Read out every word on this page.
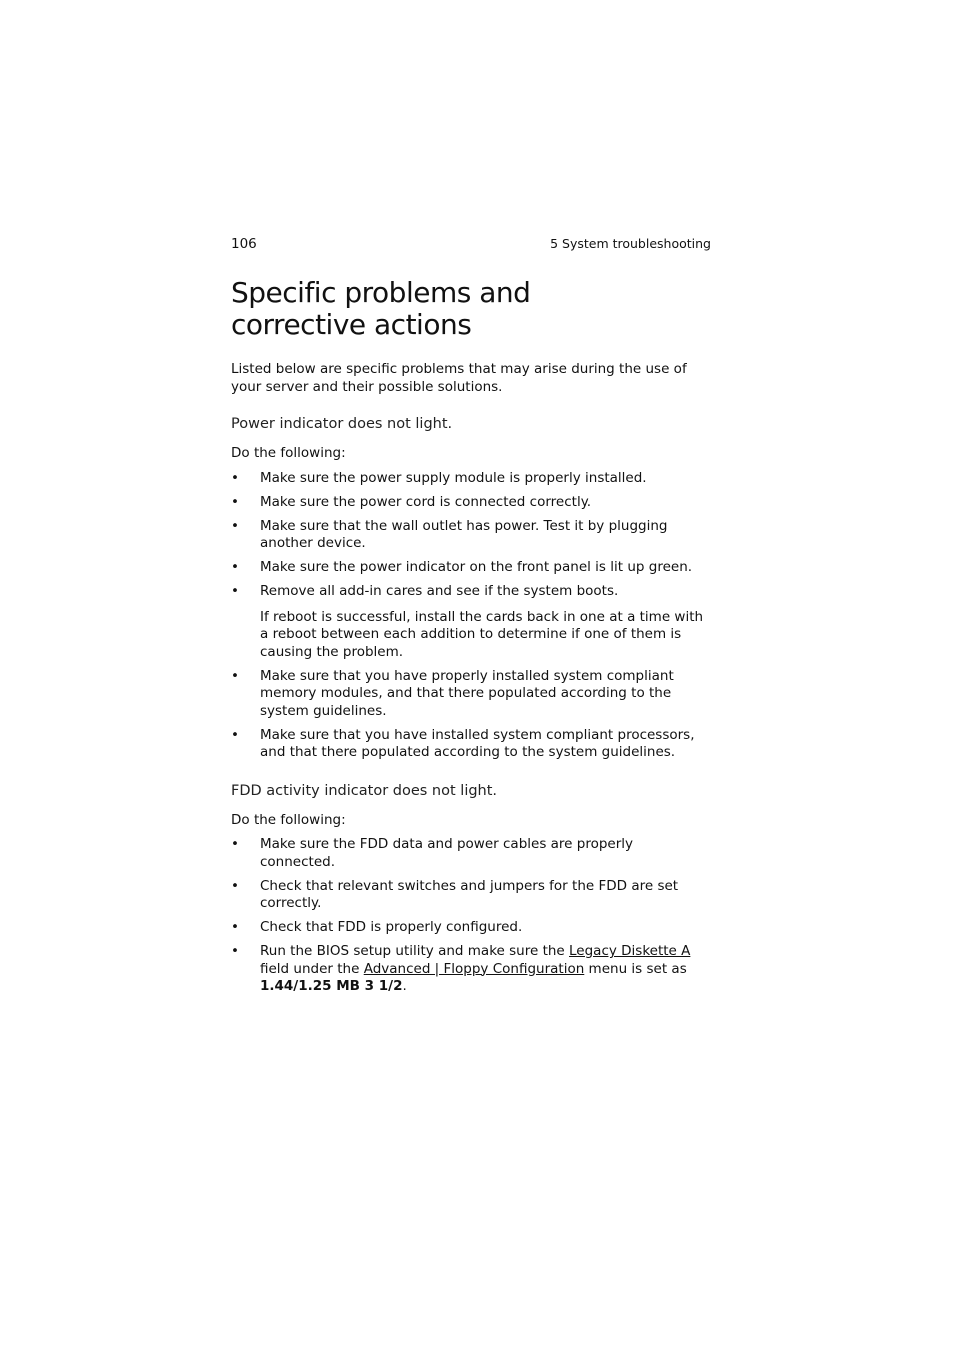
106	5 System troubleshooting
Specific problems and corrective actions

Listed below are specific problems that may arise during the use of your server and their possible solutions.

Power indicator does not light.

Do the following:

• Make sure the power supply module is properly installed.
• Make sure the power cord is connected correctly.
• Make sure that the wall outlet has power. Test it by plugging another device.
• Make sure the power indicator on the front panel is lit up green.
• Remove all add-in cares and see if the system boots.

If reboot is successful, install the cards back in one at a time with a reboot between each addition to determine if one of them is causing the problem.

• Make sure that you have properly installed system compliant memory modules, and that there populated according to the system guidelines.
• Make sure that you have installed system compliant processors, and that there populated according to the system guidelines.

FDD activity indicator does not light.

Do the following:

• Make sure the FDD data and power cables are properly connected.
• Check that relevant switches and jumpers for the FDD are set correctly.
• Check that FDD is properly configured.
• Run the BIOS setup utility and make sure the Legacy Diskette A field under the Advanced | Floppy Configuration menu is set as 1.44/1.25 MB 3 1/2.
